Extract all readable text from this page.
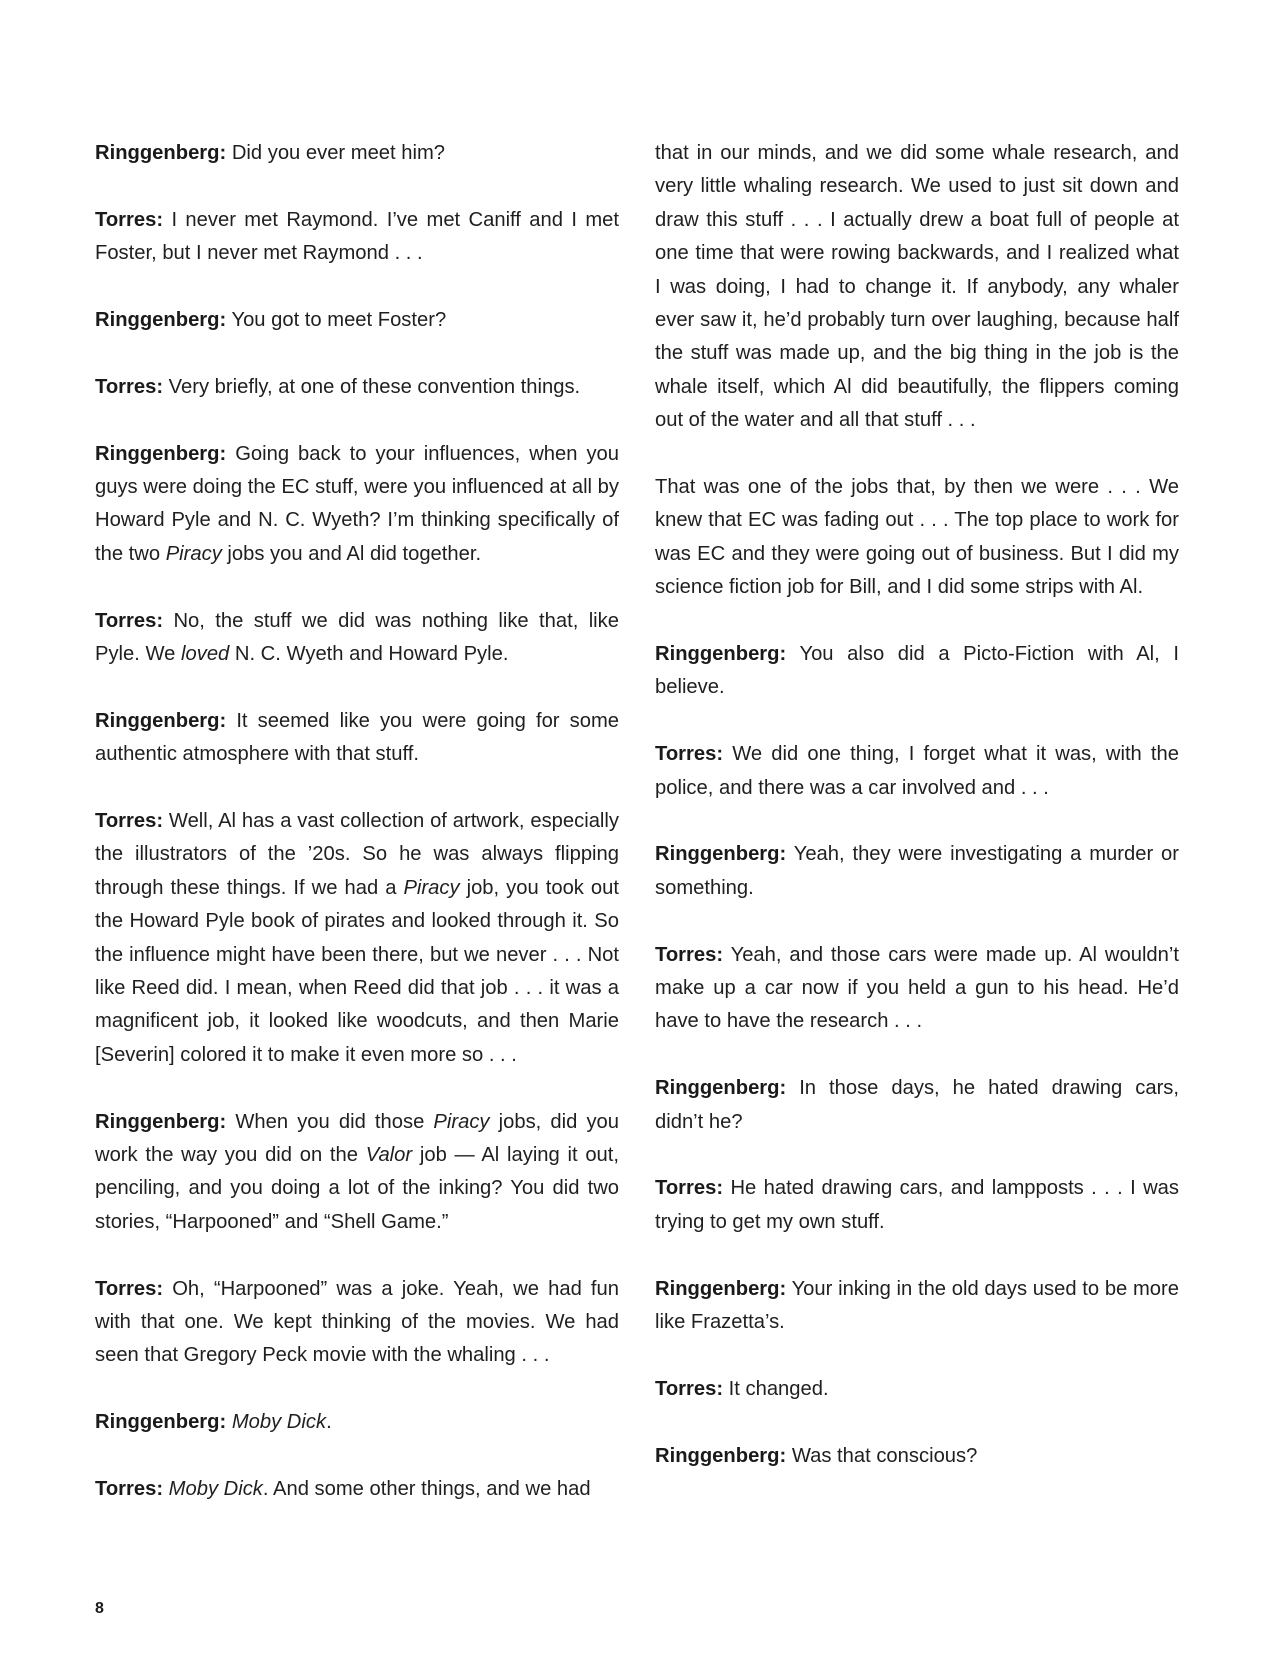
Ringgenberg: Did you ever meet him?

Torres: I never met Raymond. I’ve met Caniff and I met Foster, but I never met Raymond . . .

Ringgenberg: You got to meet Foster?

Torres: Very briefly, at one of these convention things.

Ringgenberg: Going back to your influences, when you guys were doing the EC stuff, were you influenced at all by Howard Pyle and N. C. Wyeth? I’m thinking specifically of the two Piracy jobs you and Al did together.

Torres: No, the stuff we did was nothing like that, like Pyle. We loved N. C. Wyeth and Howard Pyle.

Ringgenberg: It seemed like you were going for some authentic atmosphere with that stuff.

Torres: Well, Al has a vast collection of artwork, especially the illustrators of the ’20s. So he was always flipping through these things. If we had a Piracy job, you took out the Howard Pyle book of pirates and looked through it. So the influence might have been there, but we never . . . Not like Reed did. I mean, when Reed did that job . . . it was a magnificent job, it looked like woodcuts, and then Marie [Severin] colored it to make it even more so . . .

Ringgenberg: When you did those Piracy jobs, did you work the way you did on the Valor job — Al laying it out, penciling, and you doing a lot of the inking? You did two stories, “Harpooned” and “Shell Game.”

Torres: Oh, “Harpooned” was a joke. Yeah, we had fun with that one. We kept thinking of the movies. We had seen that Gregory Peck movie with the whaling . . .

Ringgenberg: Moby Dick.

Torres: Moby Dick. And some other things, and we had

that in our minds, and we did some whale research, and very little whaling research. We used to just sit down and draw this stuff . . . I actually drew a boat full of people at one time that were rowing backwards, and I realized what I was doing, I had to change it. If anybody, any whaler ever saw it, he’d probably turn over laughing, because half the stuff was made up, and the big thing in the job is the whale itself, which Al did beautifully, the flippers coming out of the water and all that stuff . . .

That was one of the jobs that, by then we were . . . We knew that EC was fading out . . . The top place to work for was EC and they were going out of business. But I did my science fiction job for Bill, and I did some strips with Al.

Ringgenberg: You also did a Picto-Fiction with Al, I believe.

Torres: We did one thing, I forget what it was, with the police, and there was a car involved and . . .

Ringgenberg: Yeah, they were investigating a murder or something.

Torres: Yeah, and those cars were made up. Al wouldn’t make up a car now if you held a gun to his head. He’d have to have the research . . .

Ringgenberg: In those days, he hated drawing cars, didn’t he?

Torres: He hated drawing cars, and lampposts . . . I was trying to get my own stuff.

Ringgenberg: Your inking in the old days used to be more like Frazetta’s.

Torres: It changed.

Ringgenberg: Was that conscious?

8
